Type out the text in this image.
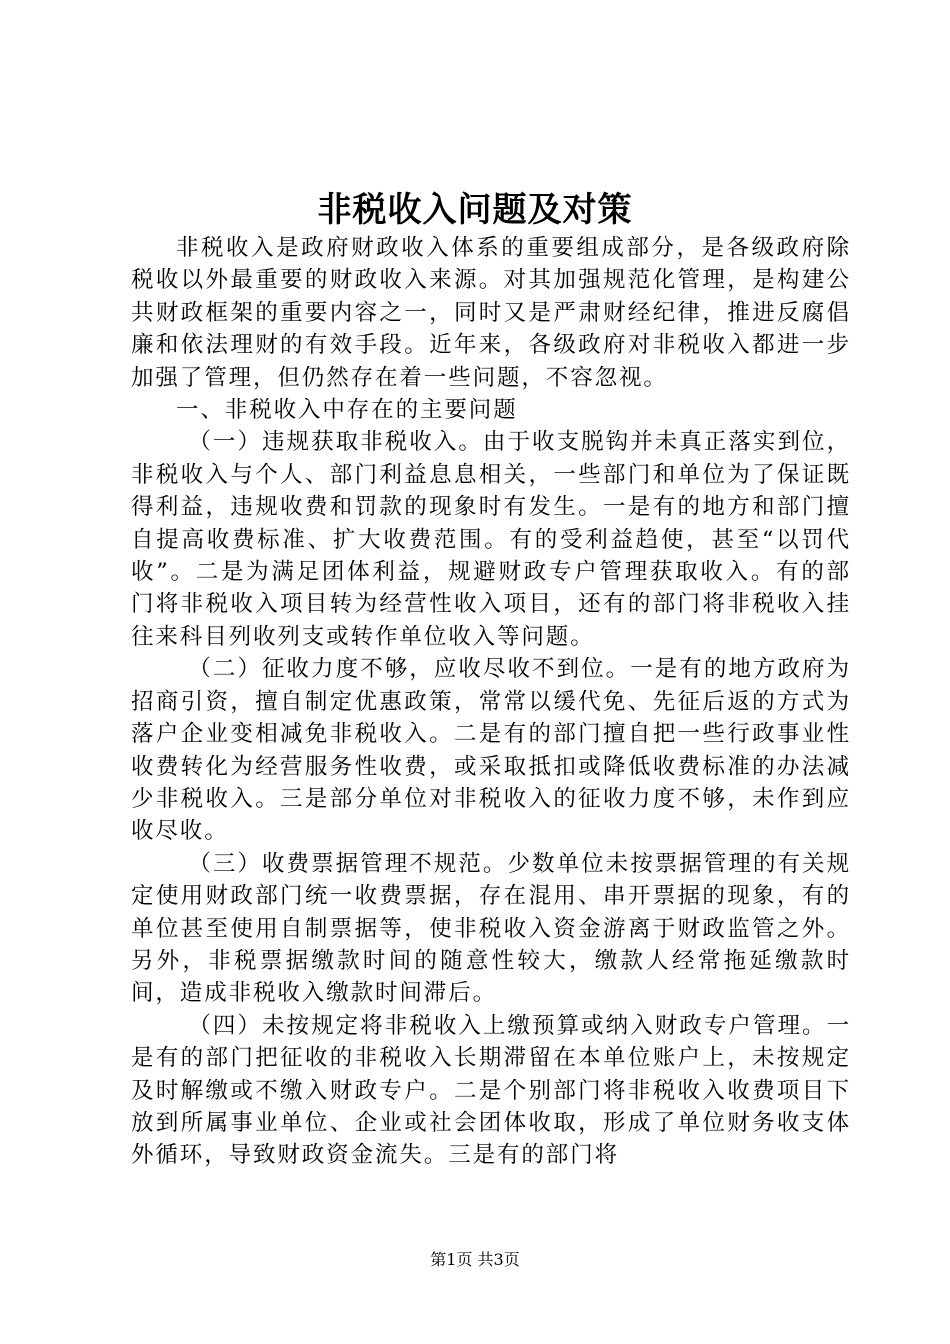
非税收入问题及对策

非税收入是政府财政收入体系的重要组成部分，是各级政府除税收以外最重要的财政收入来源。对其加强规范化管理，是构建公共财政框架的重要内容之一，同时又是严肃财经纪律，推进反腐倡廉和依法理财的有效手段。近年来，各级政府对非税收入都进一步加强了管理，但仍然存在着一些问题，不容忽视。

一、非税收入中存在的主要问题

（一）违规获取非税收入。由于收支脱钩并未真正落实到位，非税收入与个人、部门利益息息相关，一些部门和单位为了保证既得利益，违规收费和罚款的现象时有发生。一是有的地方和部门擅自提高收费标准、扩大收费范围。有的受利益趋使，甚至“以罚代收”。二是为满足团体利益，规避财政专户管理获取收入。有的部门将非税收入项目转为经营性收入项目，还有的部门将非税收入挂往来科目列收列支或转作单位收入等问题。

（二）征收力度不够，应收尽收不到位。一是有的地方政府为招商引资，擅自制定优惠政策，常常以缓代免、先征后返的方式为落户企业变相减免非税收入。二是有的部门擅自把一些行政事业性收费转化为经营服务性收费，或采取抵扣或降低收费标准的办法减少非税收入。三是部分单位对非税收入的征收力度不够，未作到应收尽收。

（三）收费票据管理不规范。少数单位未按票据管理的有关规定使用财政部门统一收费票据，存在混用、串开票据的现象，有的单位甚至使用自制票据等，使非税收入资金游离于财政监管之外。另外，非税票据缴款时间的随意性较大，缴款人经常拖延缴款时间，造成非税收入缴款时间滞后。

（四）未按规定将非税收入上缴预算或纳入财政专户管理。一是有的部门把征收的非税收入长期滞留在本单位账户上，未按规定及时解缴或不缴入财政专户。二是个别部门将非税收入收费项目下放到所属事业单位、企业或社会团体收取，形成了单位财务收支体外循环，导致财政资金流失。三是有的部门将

第1页 共3页
